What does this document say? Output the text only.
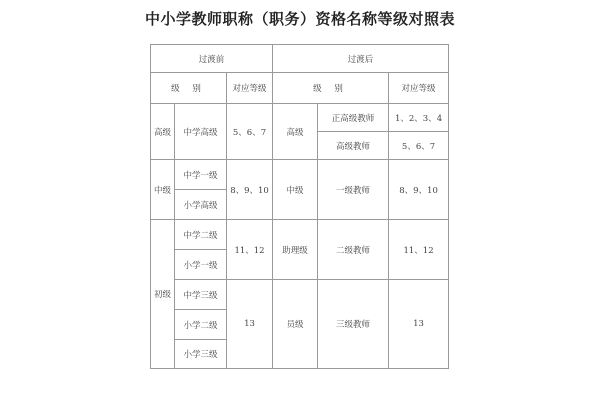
中小学教师职称（职务）资格名称等级对照表
过渡前			过渡后		
级 别		对应等级	级 别		对应等级
高级	中学高级	5、6、7	高级	正高级教师	1、2、3、4
				高级教师	5、6、7
中级	中学一级	8、9、10	中级	一级教师	8、9、10
	小学高级				
初级	中学二级	11、12	助理级	二级教师	11、12
	小学一级				
	中学三级	13	员级	三级教师	13
	小学二级				
	小学三级				
